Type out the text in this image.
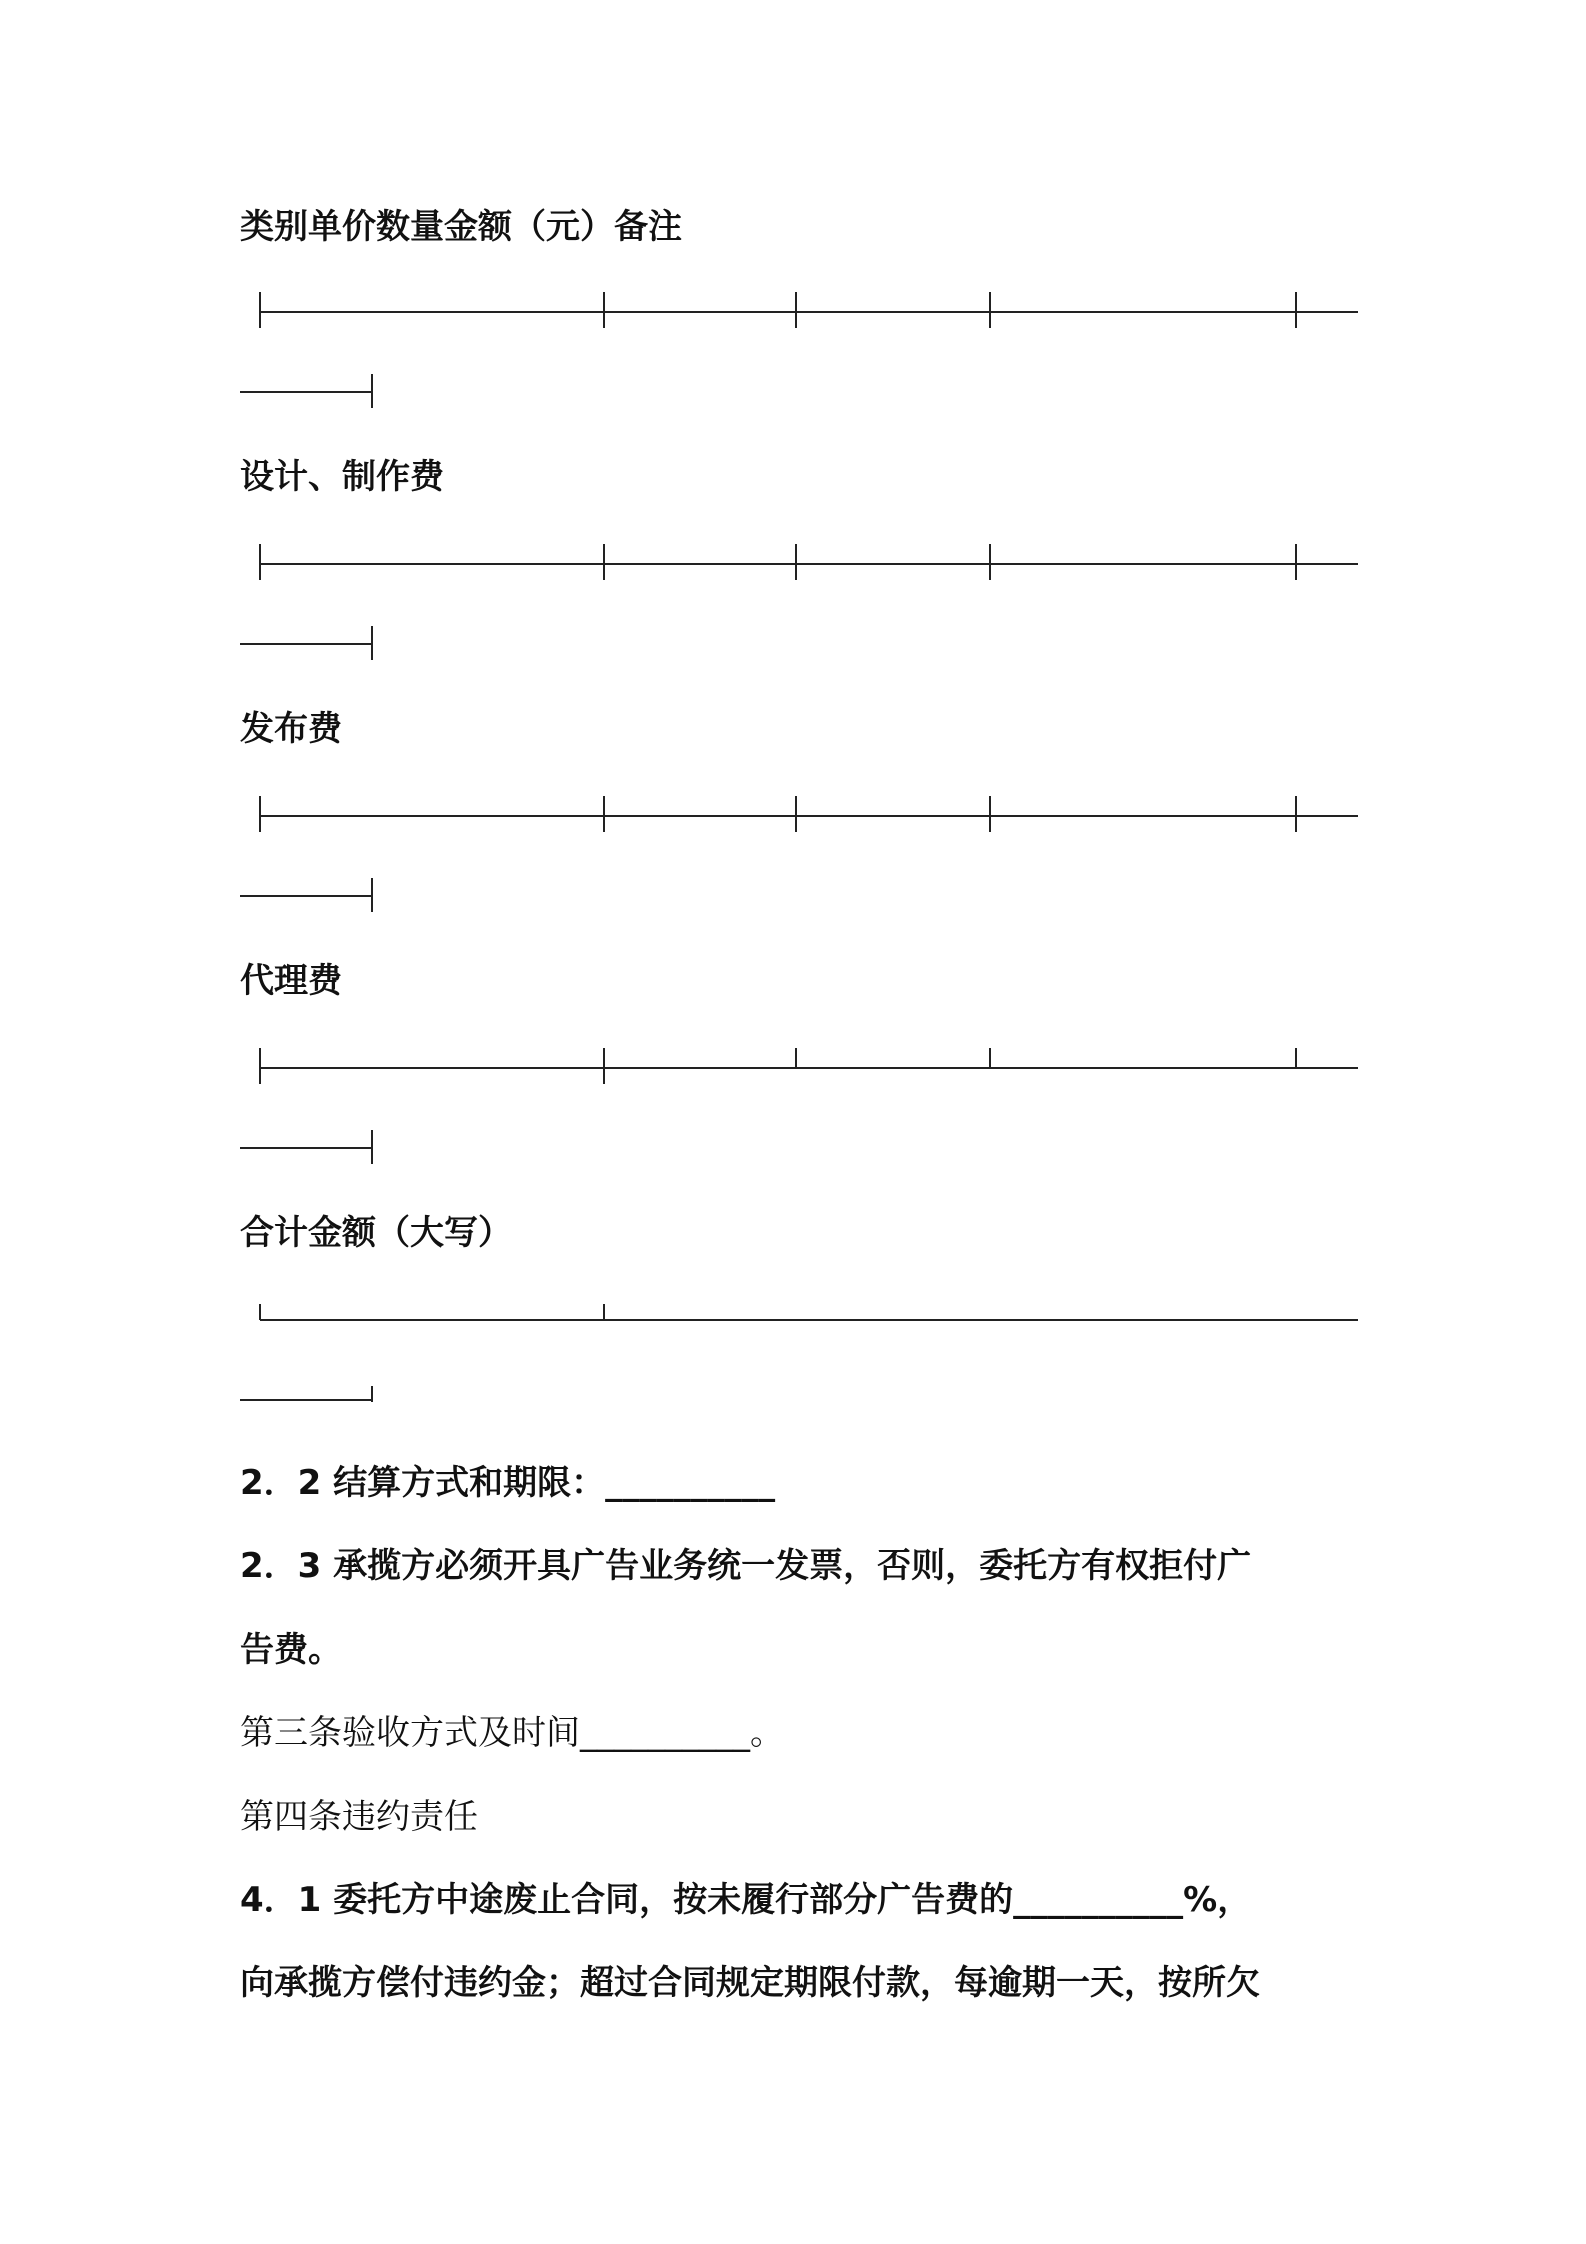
类别单价数量金额（元）备注
设计、制作费
发布费
代理费
合计金额（大写）
2．2 结算方式和期限：__________
2．3 承揽方必须开具广告业务统一发票，否则，委托方有权拒付广
告费。
第三条验收方式及时间__________。
第四条违约责任
4．1 委托方中途废止合同，按未履行部分广告费的__________%，
向承揽方偿付违约金；超过合同规定期限付款，每逾期一天，按所欠
